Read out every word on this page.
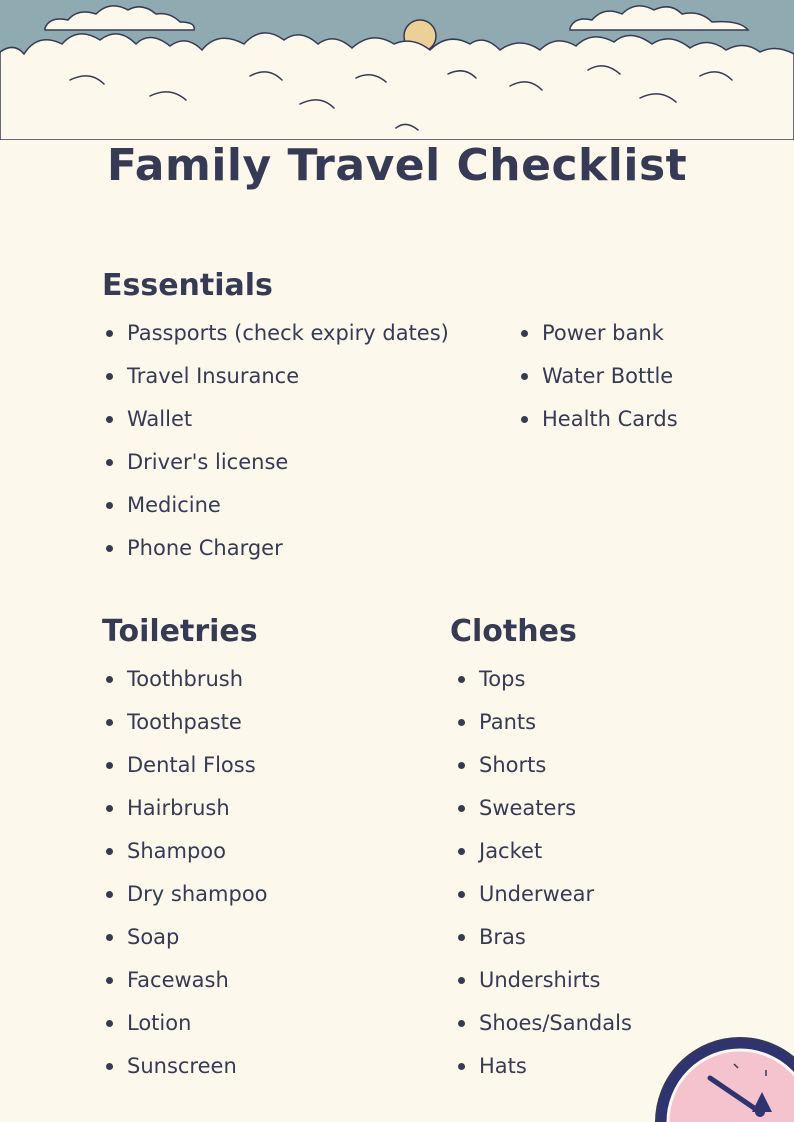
Family Travel Checklist
Essentials
Passports (check expiry dates)
Travel Insurance
Wallet
Driver's license
Medicine
Phone Charger
Power bank
Water Bottle
Health Cards
Toiletries
Toothbrush
Toothpaste
Dental Floss
Hairbrush
Shampoo
Dry shampoo
Soap
Facewash
Lotion
Sunscreen
Clothes
Tops
Pants
Shorts
Sweaters
Jacket
Underwear
Bras
Undershirts
Shoes/Sandals
Hats
